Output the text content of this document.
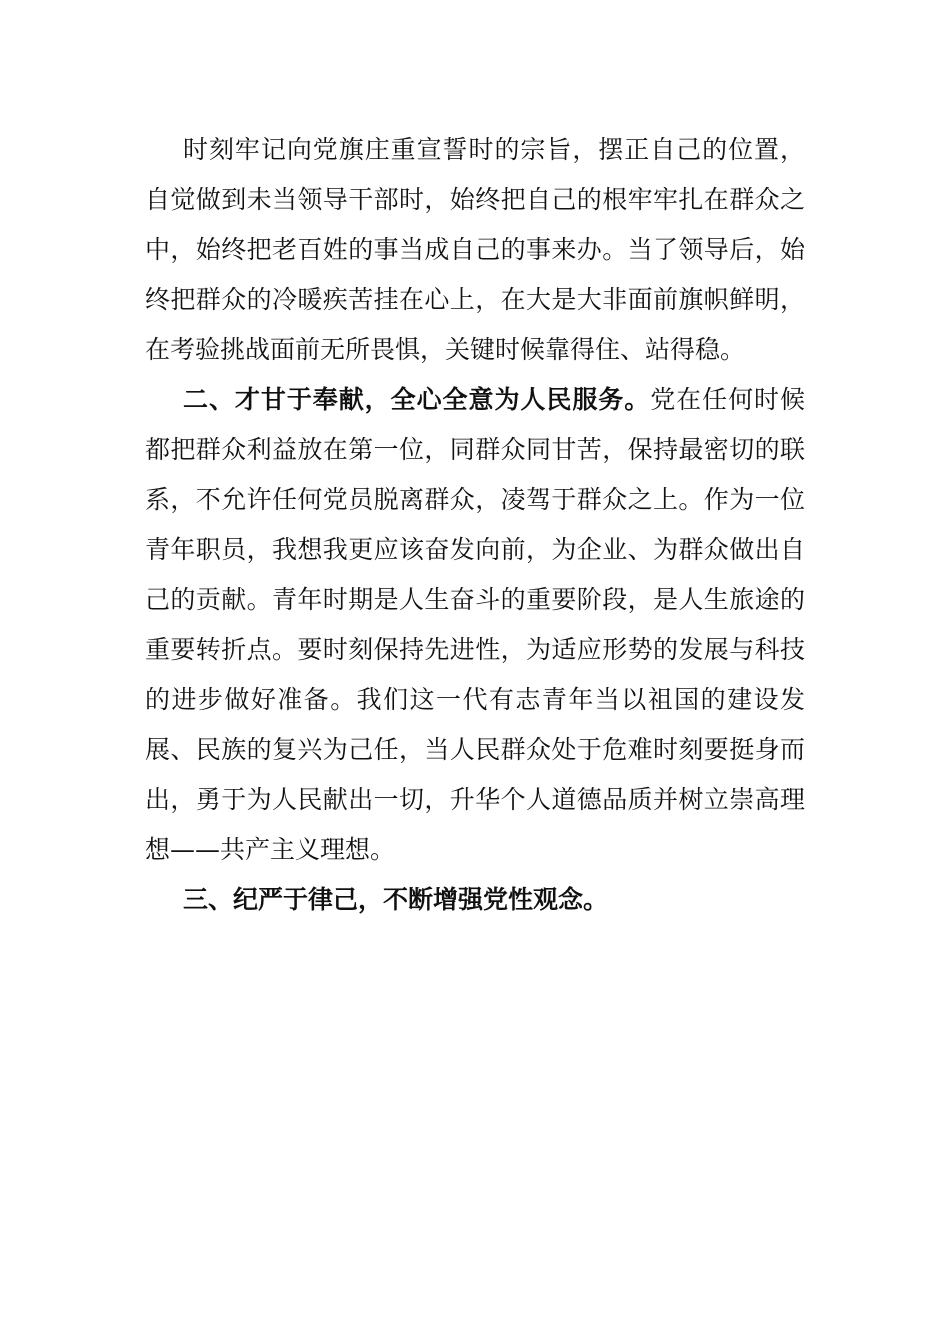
时刻牢记向党旗庄重宣誓时的宗旨，摆正自己的位置，自觉做到未当领导干部时，始终把自己的根牢牢扎在群众之中，始终把老百姓的事当成自己的事来办。当了领导后，始终把群众的冷暖疾苦挂在心上，在大是大非面前旗帜鲜明，在考验挑战面前无所畏惧，关键时候靠得住、站得稳。

二、才甘于奉献，全心全意为人民服务。党在任何时候都把群众利益放在第一位，同群众同甘苦，保持最密切的联系，不允许任何党员脱离群众，凌驾于群众之上。作为一位青年职员，我想我更应该奋发向前，为企业、为群众做出自己的贡献。青年时期是人生奋斗的重要阶段，是人生旅途的重要转折点。要时刻保持先进性，为适应形势的发展与科技的进步做好准备。我们这一代有志青年当以祖国的建设发展、民族的复兴为己任，当人民群众处于危难时刻要挺身而出，勇于为人民献出一切，升华个人道德品质并树立崇高理想——共产主义理想。

三、纪严于律己，不断增强党性观念。
